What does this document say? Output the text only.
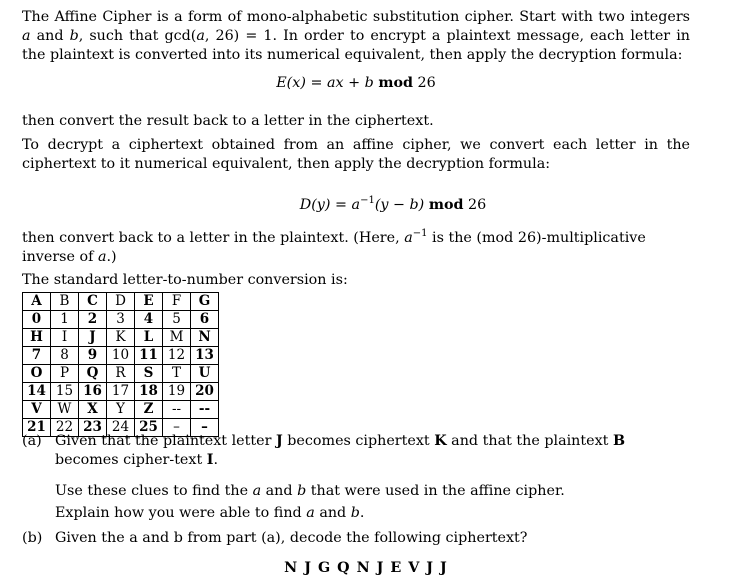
The Affine Cipher is a form of mono-alphabetic substitution cipher. Start with two integers a and b, such that gcd(a, 26) = 1. In order to encrypt a plaintext message, each letter in the plaintext is converted into its numerical equivalent, then apply the decryption formula:

E(x) = ax + b mod 26

then convert the result back to a letter in the ciphertext.

To decrypt a ciphertext obtained from an affine cipher, we convert each letter in the ciphertext to it numerical equivalent, then apply the decryption formula:

$D(y) = a^{-1}(y - b)$ mod 26

then convert back to a letter in the plaintext. (Here, $a^{-1}$ is the (mod 26)-multiplicative inverse of a.)

The standard letter-to-number conversion is:

A	B	C	D	E	F	G
0	1	2	3	4	5	6
H	I	J	K	L	M	N
7	8	9	10	11	12	13
O	P	Q	R	S	T	U
14	15	16	17	18	19	20
V	W	X	Y	Z	--	--
21	22	23	24	25	–	–
(a) Given that the plaintext letter J becomes ciphertext K and that the plaintext B becomes cipher-text I.

Use these clues to find the a and b that were used in the affine cipher.

Explain how you were able to find a and b.

(b) Given the a and b from part (a), decode the following ciphertext?

N J G Q N J E V J J
